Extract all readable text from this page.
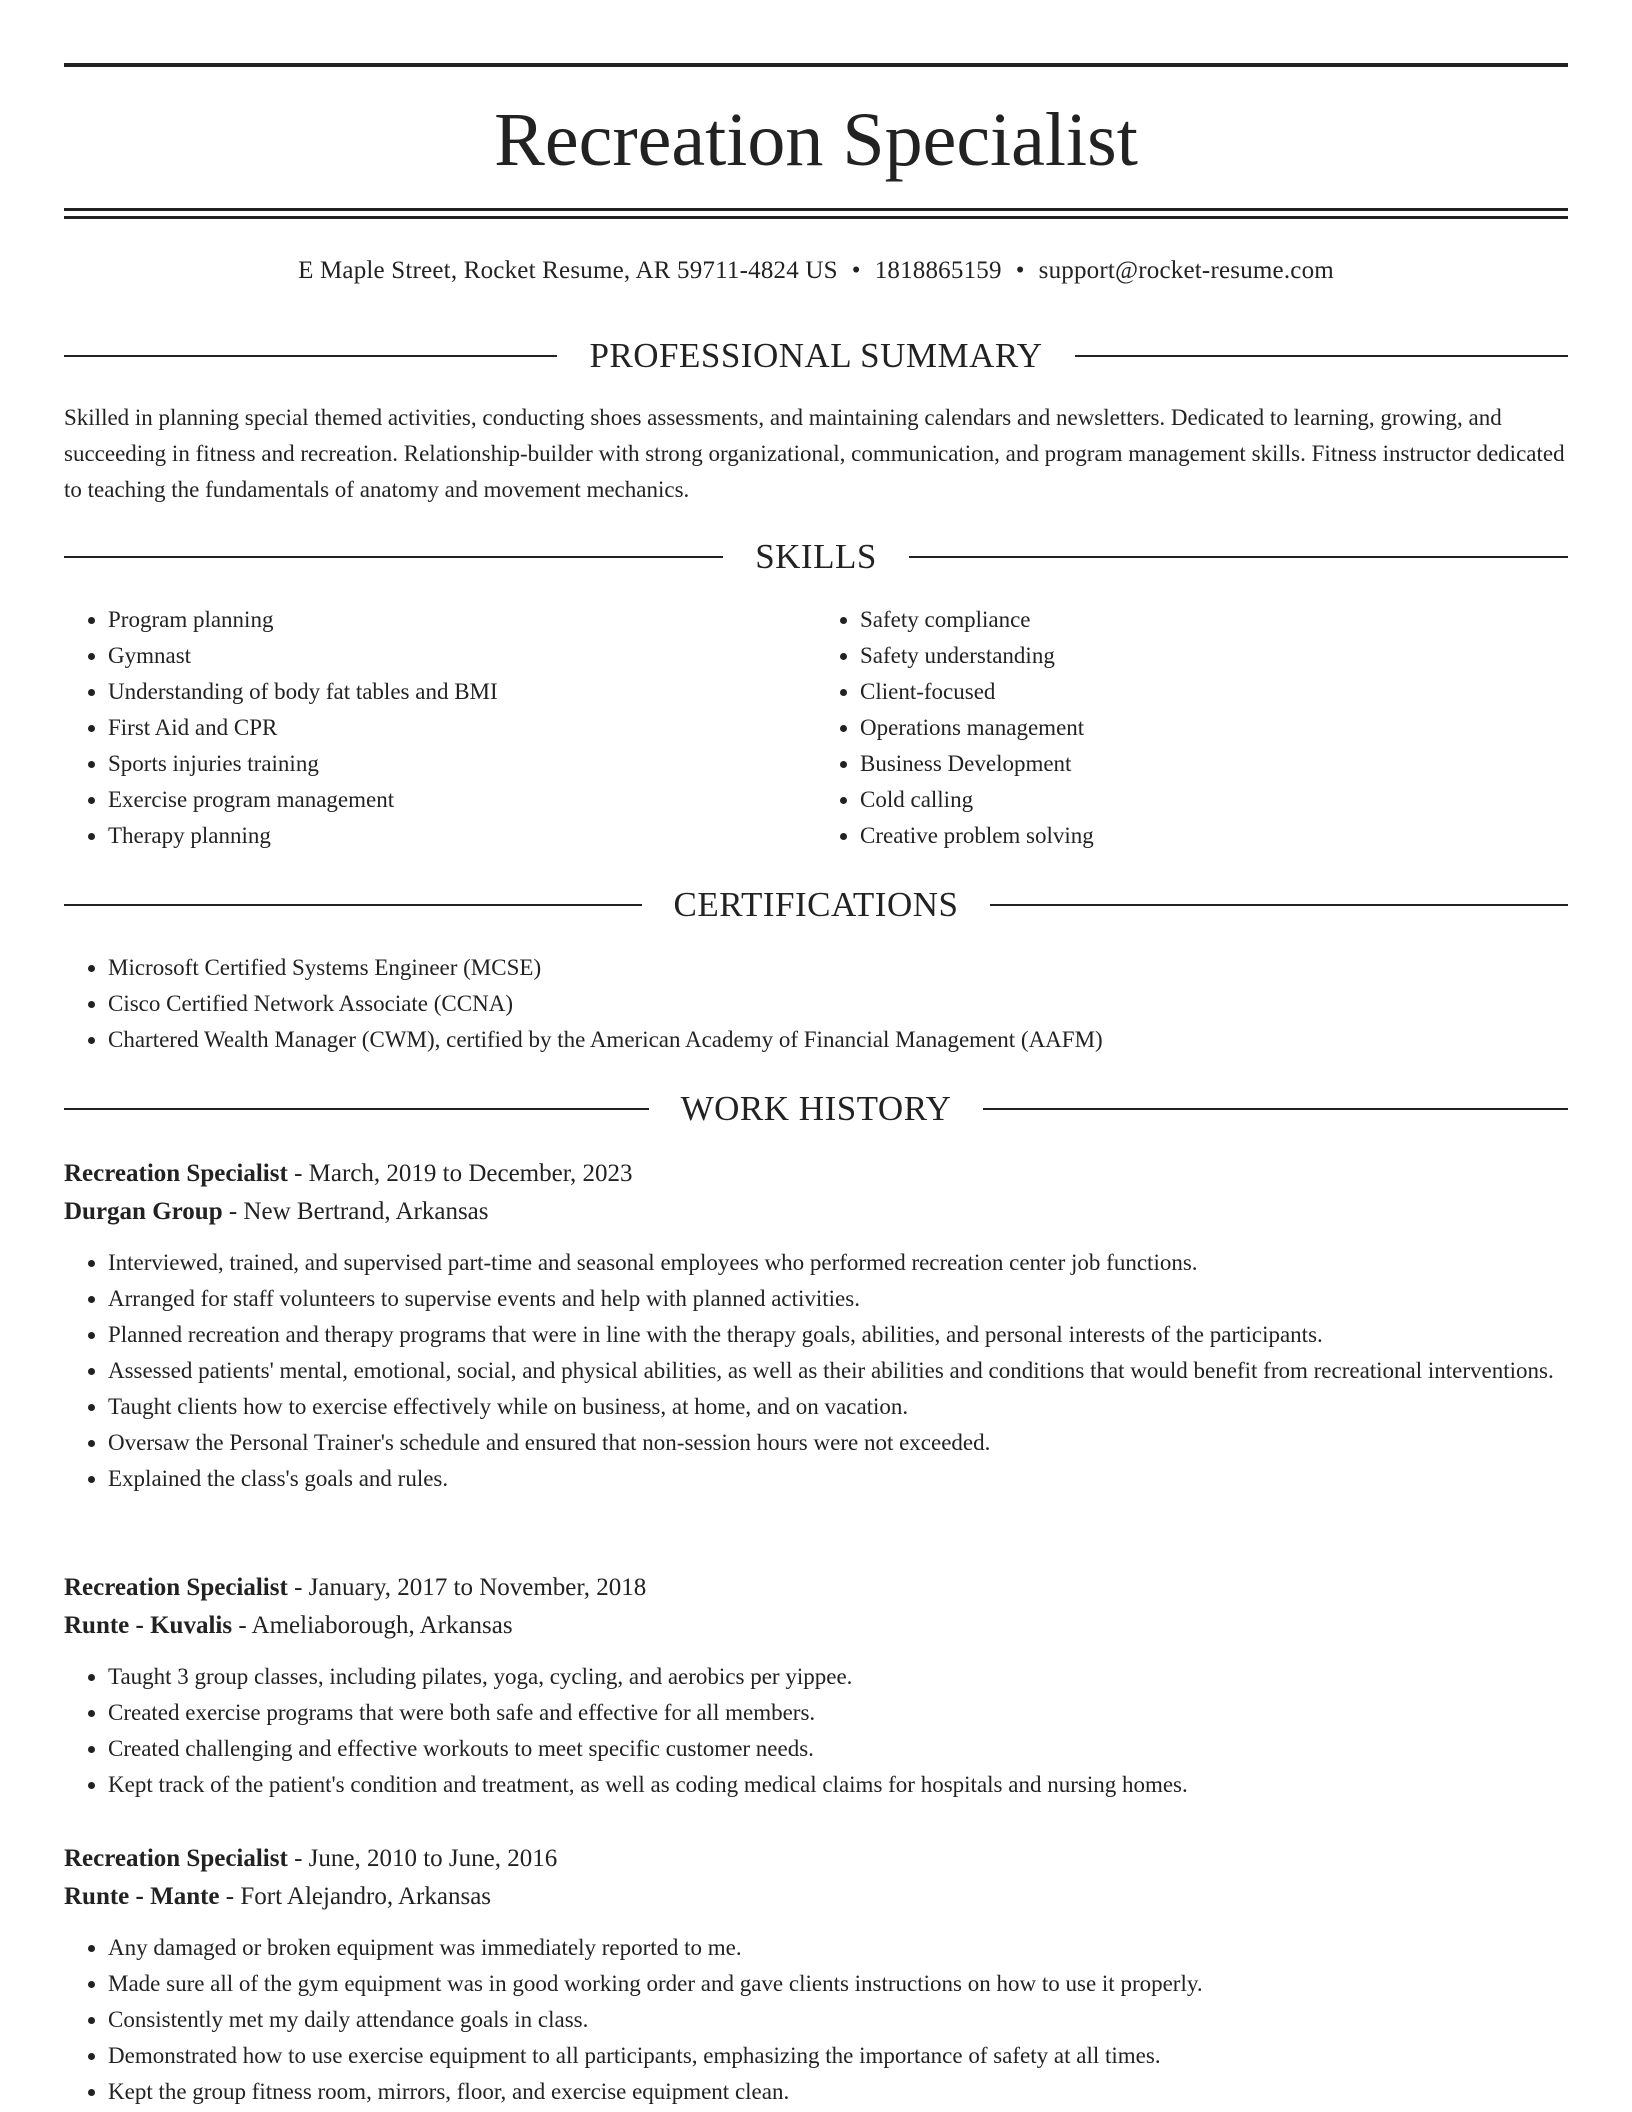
Recreation Specialist
E Maple Street, Rocket Resume, AR 59711-4824 US • 1818865159 • support@rocket-resume.com
PROFESSIONAL SUMMARY

Skilled in planning special themed activities, conducting shoes assessments, and maintaining calendars and newsletters. Dedicated to learning, growing, and succeeding in fitness and recreation. Relationship-builder with strong organizational, communication, and program management skills. Fitness instructor dedicated to teaching the fundamentals of anatomy and movement mechanics.

SKILLS
• Program planning
• Gymnast
• Understanding of body fat tables and BMI
• First Aid and CPR
• Sports injuries training
• Exercise program management
• Therapy planning
• Safety compliance
• Safety understanding
• Client-focused
• Operations management
• Business Development
• Cold calling
• Creative problem solving
CERTIFICATIONS
• Microsoft Certified Systems Engineer (MCSE)
• Cisco Certified Network Associate (CCNA)
• Chartered Wealth Manager (CWM), certified by the American Academy of Financial Management (AAFM)
WORK HISTORY
Recreation Specialist - March, 2019 to December, 2023
Durgan Group - New Bertrand, Arkansas
• Interviewed, trained, and supervised part-time and seasonal employees who performed recreation center job functions.
• Arranged for staff volunteers to supervise events and help with planned activities.
• Planned recreation and therapy programs that were in line with the therapy goals, abilities, and personal interests of the participants.
• Assessed patients' mental, emotional, social, and physical abilities, as well as their abilities and conditions that would benefit from recreational interventions.
• Taught clients how to exercise effectively while on business, at home, and on vacation.
• Oversaw the Personal Trainer's schedule and ensured that non-session hours were not exceeded.
• Explained the class's goals and rules.
Recreation Specialist - January, 2017 to November, 2018
Runte - Kuvalis - Ameliaborough, Arkansas
• Taught 3 group classes, including pilates, yoga, cycling, and aerobics per yippee.
• Created exercise programs that were both safe and effective for all members.
• Created challenging and effective workouts to meet specific customer needs.
• Kept track of the patient's condition and treatment, as well as coding medical claims for hospitals and nursing homes.
Recreation Specialist - June, 2010 to June, 2016
Runte - Mante - Fort Alejandro, Arkansas
• Any damaged or broken equipment was immediately reported to me.
• Made sure all of the gym equipment was in good working order and gave clients instructions on how to use it properly.
• Consistently met my daily attendance goals in class.
• Demonstrated how to use exercise equipment to all participants, emphasizing the importance of safety at all times.
• Kept the group fitness room, mirrors, floor, and exercise equipment clean.
